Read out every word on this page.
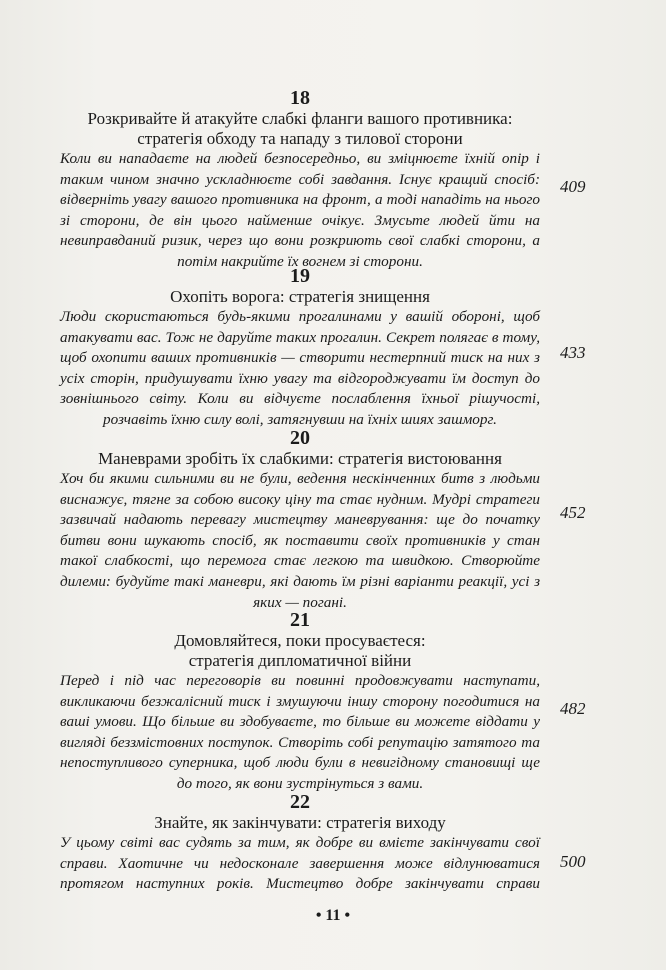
18
Розкривайте й атакуйте слабкі фланги вашого противника:
стратегія обходу та нападу з тилової сторони
Коли ви нападаєте на людей безпосередньо, ви зміцнюєте їхній опір і таким чином значно ускладнюєте собі завдання. Існує кращий спосіб: відверніть увагу вашого противника на фронт, а тоді нападіть на нього зі сторони, де він цього найменше очікує. Змусьте людей йти на невиправданий ризик, через що вони розкриють свої слабкі сторони, а потім накрийте їх вогнем зі сторони.
409
19
Охопіть ворога: стратегія знищення
Люди скористаються будь-якими прогалинами у вашій обороні, щоб атакувати вас. Тож не даруйте таких прогалин. Секрет полягає в тому, щоб охопити ваших противників — створити нестерпний тиск на них з усіх сторін, придушувати їхню увагу та відгороджувати їм доступ до зовнішнього світу. Коли ви відчуєте послаблення їхньої рішучості, розчавіть їхню силу волі, затягнувши на їхніх шиях зашморг.
433
20
Маневрами зробіть їх слабкими: стратегія вистоювання
Хоч би якими сильними ви не були, ведення нескінченних битв з людьми виснажує, тягне за собою високу ціну та стає нудним. Мудрі стратеги зазвичай надають перевагу мистецтву маневрування: ще до початку битви вони шукають спосіб, як поставити своїх противників у стан такої слабкості, що перемога стає легкою та швидкою. Створюйте дилеми: будуйте такі маневри, які дають їм різні варіанти реакції, усі з яких — погані.
452
21
Домовляйтеся, поки просуваєтеся:
стратегія дипломатичної війни
Перед і під час переговорів ви повинні продовжувати наступати, викликаючи безжалісний тиск і змушуючи іншу сторону погодитися на ваші умови. Що більше ви здобуваєте, то більше ви можете віддати у вигляді беззмістовних поступок. Створіть собі репутацію затятого та непоступливого суперника, щоб люди були в невигідному становищі ще до того, як вони зустрінуться з вами.
482
22
Знайте, як закінчувати: стратегія виходу
У цьому світі вас судять за тим, як добре ви вмієте закінчувати свої справи. Хаотичне чи недосконале завершення може відлунюватися протягом наступних років. Мистецтво добре закінчувати справи
500
• 11 •
